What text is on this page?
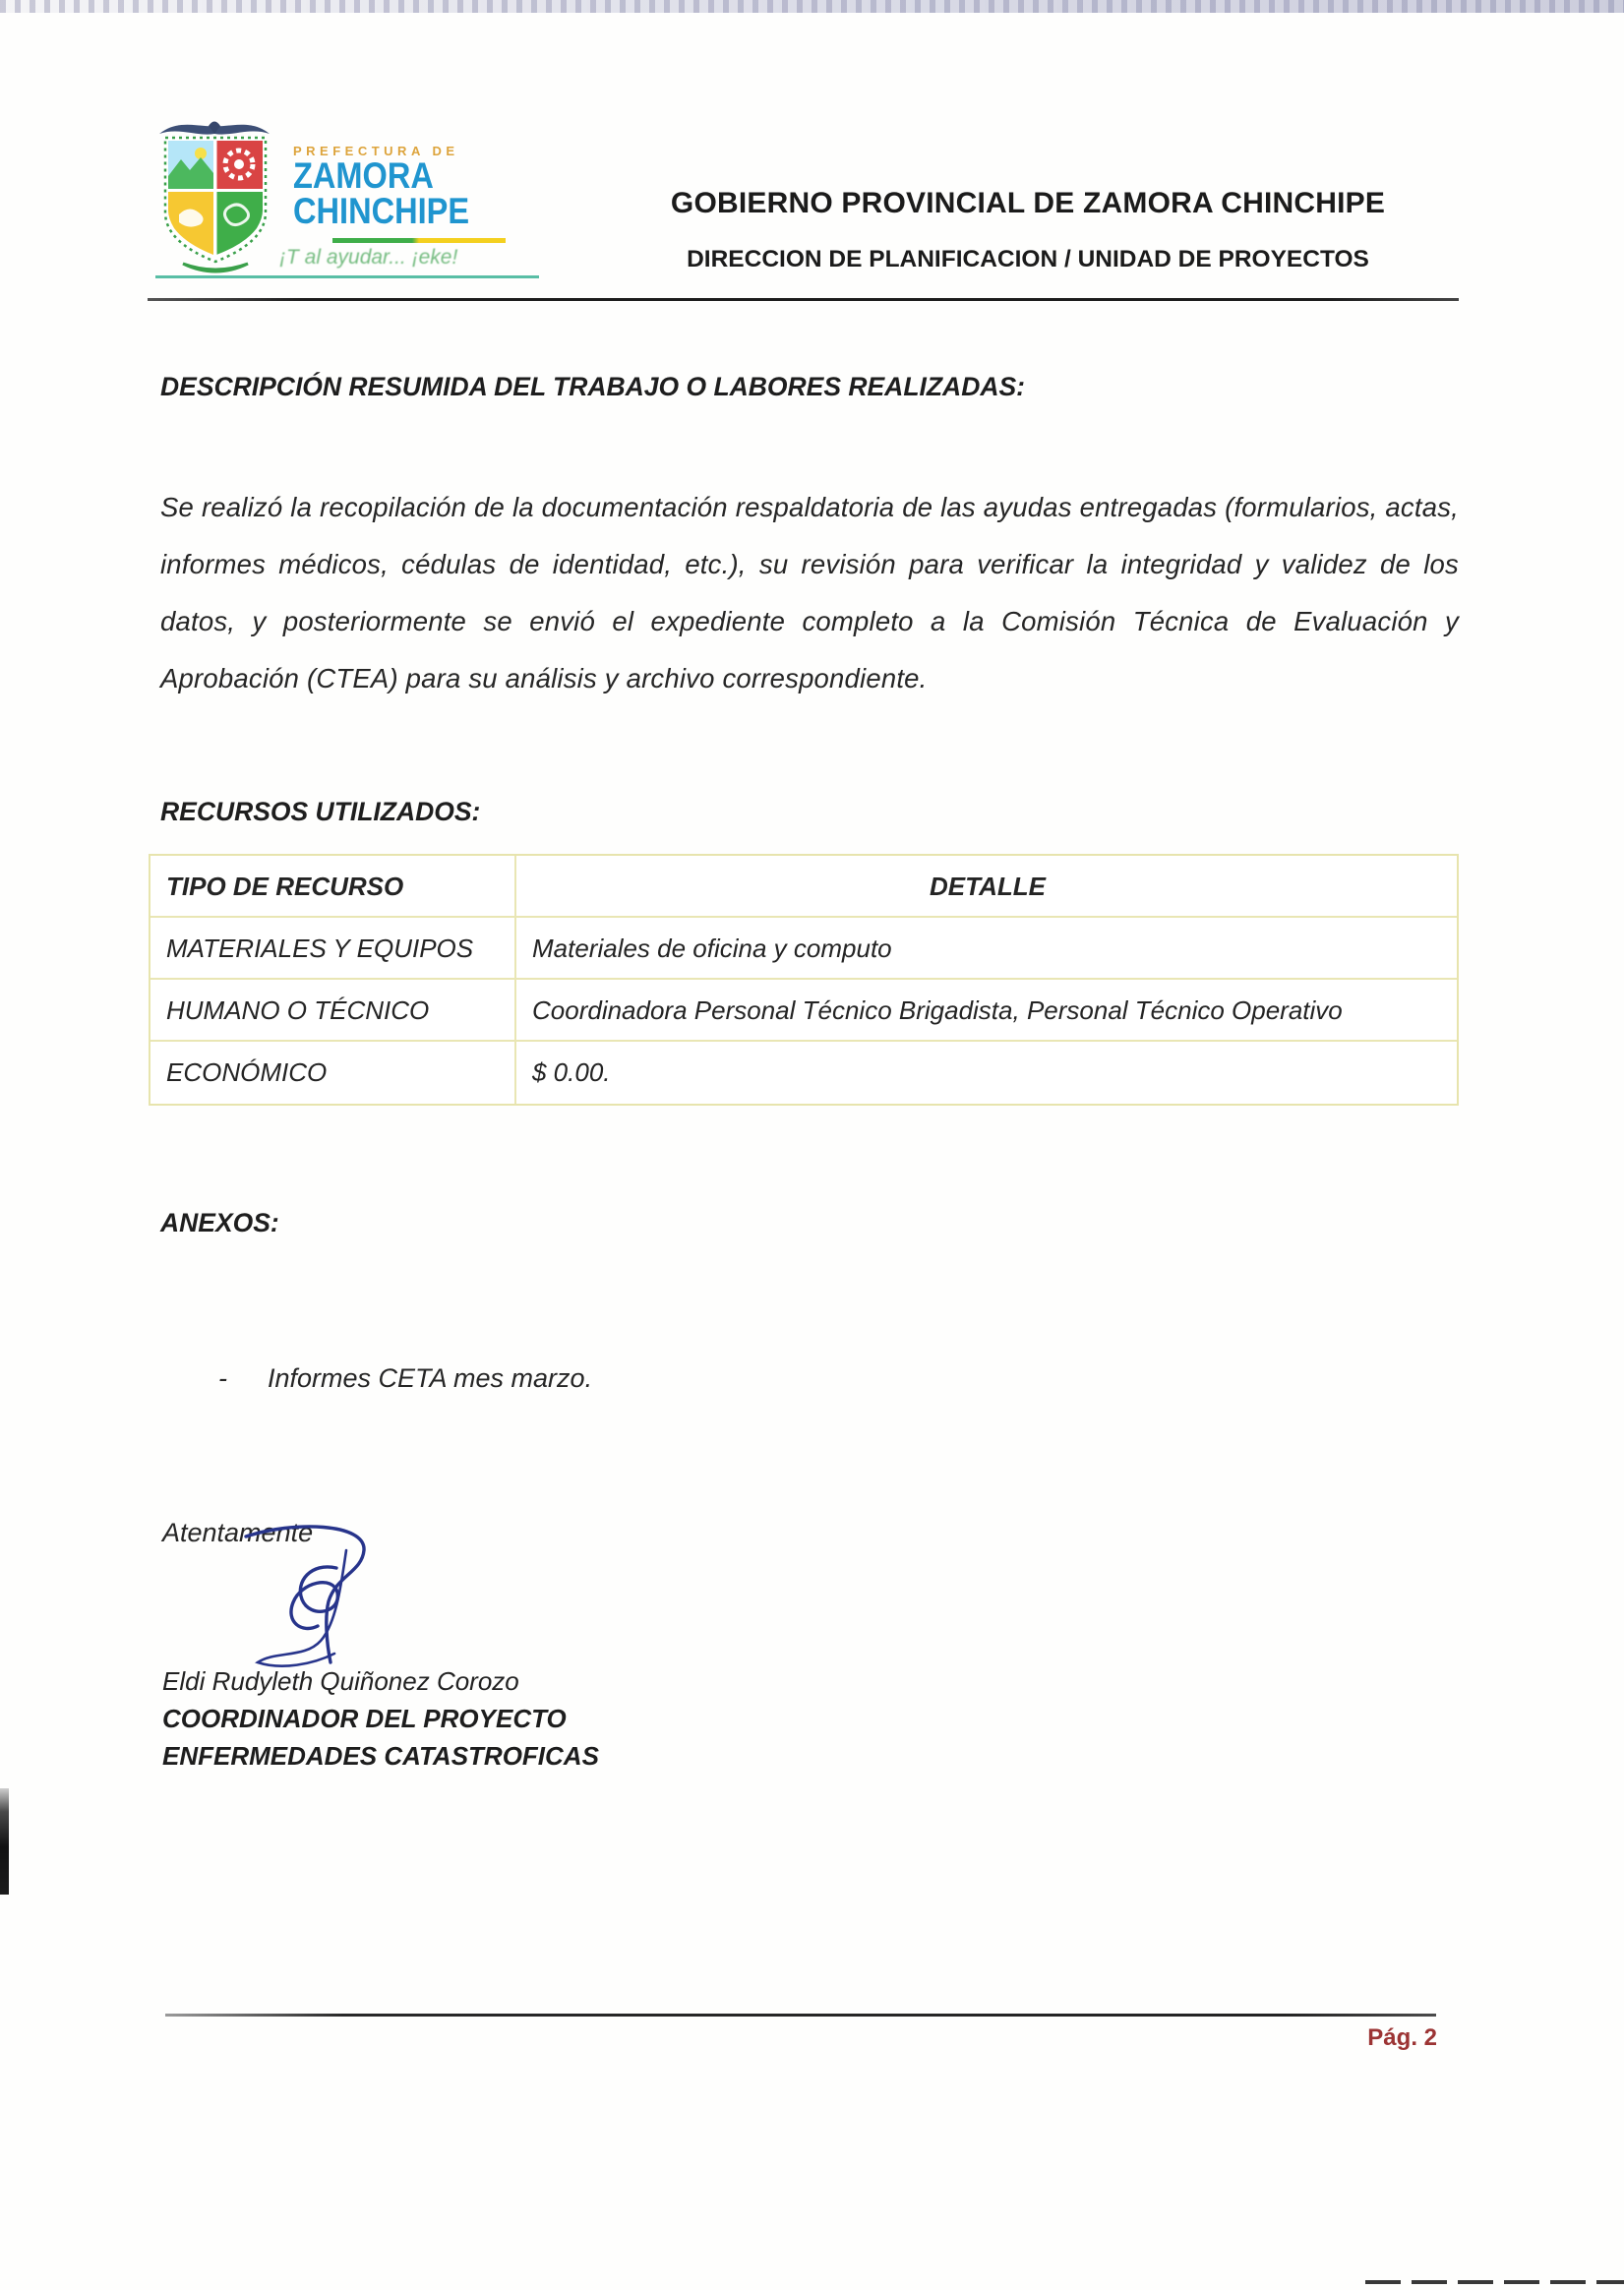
PREFECTURA DE
ZAMORA
CHINCHIPE
¡T al ayudar... ¡eke!
GOBIERNO PROVINCIAL DE ZAMORA CHINCHIPE
DIRECCION DE PLANIFICACION / UNIDAD DE PROYECTOS
DESCRIPCIÓN RESUMIDA DEL TRABAJO O LABORES REALIZADAS:
Se realizó la recopilación de la documentación respaldatoria de las ayudas entregadas (formularios, actas, informes médicos, cédulas de identidad, etc.), su revisión para verificar la integridad y validez de los datos, y posteriormente se envió el expediente completo a la Comisión Técnica de Evaluación y Aprobación (CTEA) para su análisis y archivo correspondiente.
RECURSOS UTILIZADOS:
TIPO DE RECURSO	DETALLE
MATERIALES Y EQUIPOS	Materiales de oficina y computo
HUMANO O TÉCNICO	Coordinadora Personal Técnico Brigadista, Personal Técnico Operativo
ECONÓMICO	$ 0.00.
ANEXOS:
- Informes CETA mes marzo.
Atentamente
Eldi Rudyleth Quiñonez Corozo
COORDINADOR DEL PROYECTO
ENFERMEDADES CATASTROFICAS
Pág. 2
